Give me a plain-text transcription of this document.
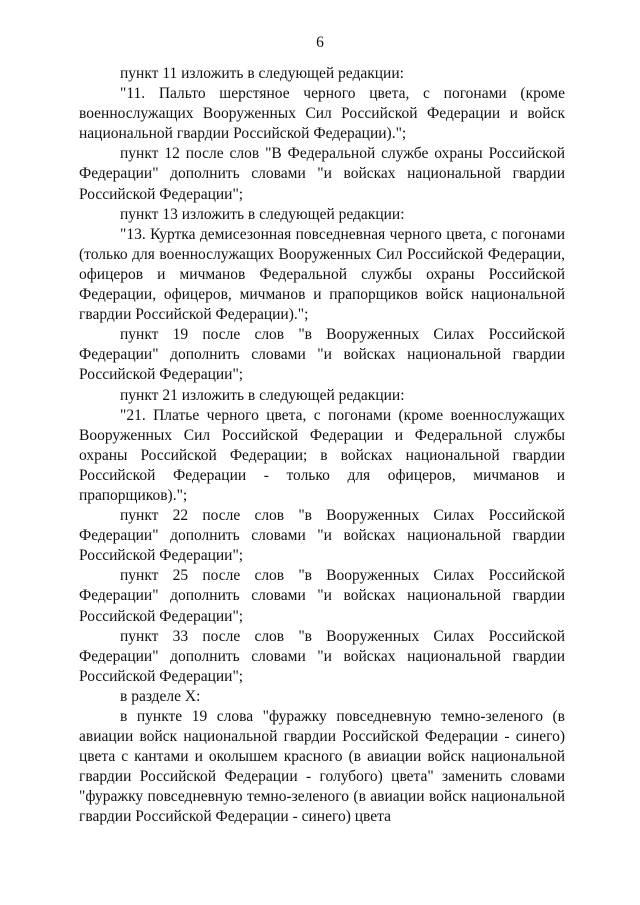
6

пункт 11 изложить в следующей редакции:

"11. Пальто шерстяное черного цвета, с погонами (кроме военнослужащих Вооруженных Сил Российской Федерации и войск национальной гвардии Российской Федерации).";

пункт 12 после слов "В Федеральной службе охраны Российской Федерации" дополнить словами "и войсках национальной гвардии Российской Федерации";

пункт 13 изложить в следующей редакции:

"13. Куртка демисезонная повседневная черного цвета, с погонами (только для военнослужащих Вооруженных Сил Российской Федерации, офицеров и мичманов Федеральной службы охраны Российской Федерации, офицеров, мичманов и прапорщиков войск национальной гвардии Российской Федерации).";

пункт 19 после слов "в Вооруженных Силах Российской Федерации" дополнить словами "и войсках национальной гвардии Российской Федерации";

пункт 21 изложить в следующей редакции:

"21. Платье черного цвета, с погонами (кроме военнослужащих Вооруженных Сил Российской Федерации и Федеральной службы охраны Российской Федерации; в войсках национальной гвардии Российской Федерации - только для офицеров, мичманов и прапорщиков).";

пункт 22 после слов "в Вооруженных Силах Российской Федерации" дополнить словами "и войсках национальной гвардии Российской Федерации";

пункт 25 после слов "в Вооруженных Силах Российской Федерации" дополнить словами "и войсках национальной гвардии Российской Федерации";

пункт 33 после слов "в Вооруженных Силах Российской Федерации" дополнить словами "и войсках национальной гвардии Российской Федерации";

в разделе X:

в пункте 19 слова "фуражку повседневную темно-зеленого (в авиации войск национальной гвардии Российской Федерации - синего) цвета с кантами и околышем красного (в авиации войск национальной гвардии Российской Федерации - голубого) цвета" заменить словами "фуражку повседневную темно-зеленого (в авиации войск национальной гвардии Российской Федерации - синего) цвета
